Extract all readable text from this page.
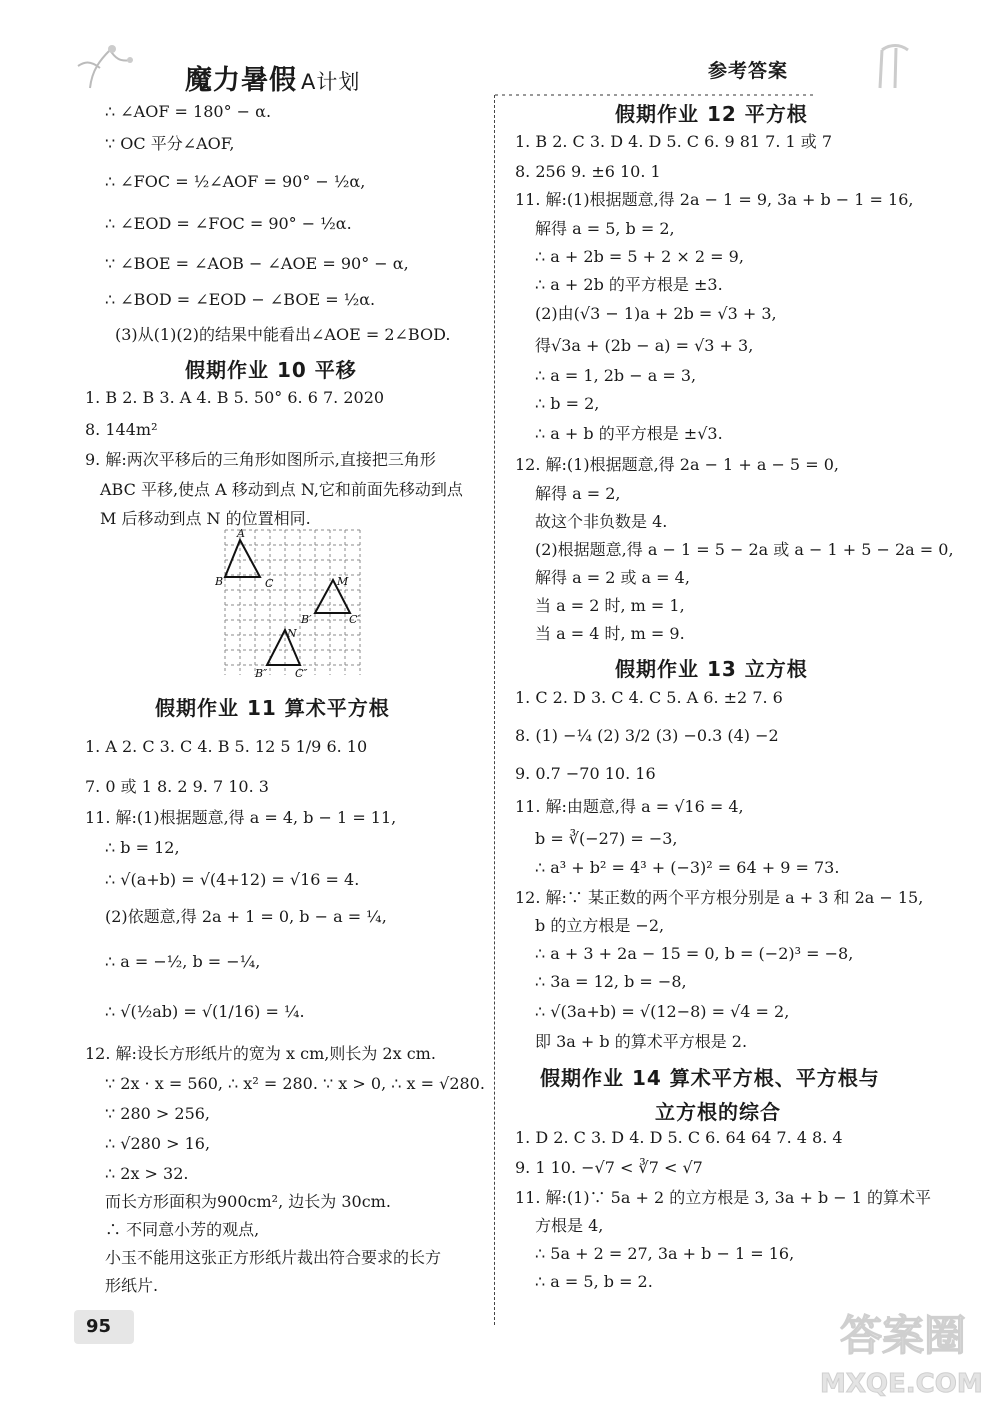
魔力暑假 A计划	参考答案
∴ ∠AOF = 180° − α.
∵ OC 平分∠AOF,
∴ ∠FOC = ½∠AOF = 90° − ½α,
∴ ∠EOD = ∠FOC = 90° − ½α.
∵ ∠BOE = ∠AOB − ∠AOE = 90° − α,
∴ ∠BOD = ∠EOD − ∠BOE = ½α.
(3)从(1)(2)的结果中能看出∠AOE = 2∠BOD.
假期作业 10 平移
1. B 2. B 3. A 4. B 5. 50° 6. 6 7. 2020
8. 144m²
9. 解:两次平移后的三角形如图所示,直接把三角形
ABC 平移,使点 A 移动到点 N,它和前面先移动到点
M 后移动到点 N 的位置相同.
假期作业 11 算术平方根
1. A 2. C 3. C 4. B 5. 12 5 1/9 6. 10
7. 0 或 1 8. 2 9. 7 10. 3
11. 解:(1)根据题意,得 a = 4, b − 1 = 11,
∴ b = 12,
∴ √(a+b) = √(4+12) = √16 = 4.
(2)依题意,得 2a + 1 = 0, b − a = ¼,
∴ a = −½, b = −¼,
∴ √(½ab) = √(1/16) = ¼.
12. 解:设长方形纸片的宽为 x cm,则长为 2x cm.
∵ 2x · x = 560, ∴ x² = 280. ∵ x > 0, ∴ x = √280.
∵ 280 > 256,
∴ √280 > 16,
∴ 2x > 32.
而长方形面积为900cm², 边长为 30cm.
∴ 不同意小芳的观点,
小玉不能用这张正方形纸片裁出符合要求的长方
形纸片.
A
B	C	M
B′	C′
N
B″	C″
假期作业 12 平方根
1. B 2. C 3. D 4. D 5. C 6. 9 81 7. 1 或 7
8. 256 9. ±6 10. 1
11. 解:(1)根据题意,得 2a − 1 = 9, 3a + b − 1 = 16,
解得 a = 5, b = 2,
∴ a + 2b = 5 + 2 × 2 = 9,
∴ a + 2b 的平方根是 ±3.
(2)由(√3 − 1)a + 2b = √3 + 3,
得√3a + (2b − a) = √3 + 3,
∴ a = 1, 2b − a = 3,
∴ b = 2,
∴ a + b 的平方根是 ±√3.
12. 解:(1)根据题意,得 2a − 1 + a − 5 = 0,
解得 a = 2,
故这个非负数是 4.
(2)根据题意,得 a − 1 = 5 − 2a 或 a − 1 + 5 − 2a = 0,
解得 a = 2 或 a = 4,
当 a = 2 时, m = 1,
当 a = 4 时, m = 9.
假期作业 13 立方根
1. C 2. D 3. C 4. C 5. A 6. ±2 7. 6
8. (1) −¼ (2) 3/2 (3) −0.3 (4) −2
9. 0.7 −70 10. 16
11. 解:由题意,得 a = √16 = 4,
b = ∛(−27) = −3,
∴ a³ + b² = 4³ + (−3)² = 64 + 9 = 73.
12. 解:∵ 某正数的两个平方根分别是 a + 3 和 2a − 15,
b 的立方根是 −2,
∴ a + 3 + 2a − 15 = 0, b = (−2)³ = −8,
∴ 3a = 12, b = −8,
∴ √(3a+b) = √(12−8) = √4 = 2,
即 3a + b 的算术平方根是 2.
假期作业 14 算术平方根、平方根与
立方根的综合
1. D 2. C 3. D 4. D 5. C 6. 64 64 7. 4 8. 4
9. 1 10. −√7 < ∛7 < √7
11. 解:(1)∵ 5a + 2 的立方根是 3, 3a + b − 1 的算术平
方根是 4,
∴ 5a + 2 = 27, 3a + b − 1 = 16,
∴ a = 5, b = 2.
95	答案圈
MXQE.COM
